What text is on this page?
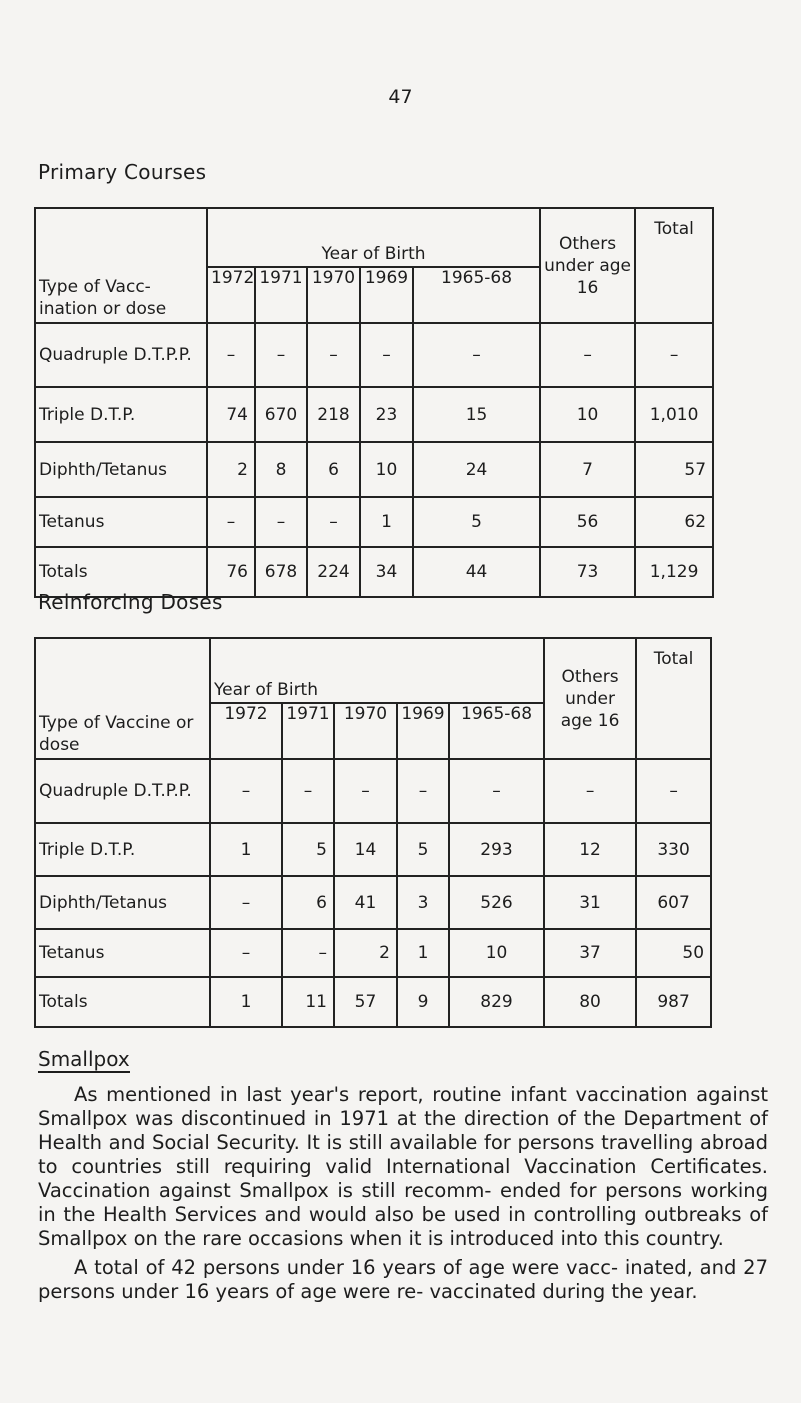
47
Primary Courses
Type of Vacc- ination or dose	Year of Birth					Others under age 16	Total
	1972	1971	1970	1969	1965-68		
Quadruple D.T.P.P.	–	–	–	–	–	–	–
Triple D.T.P.	74	670	218	23	15	10	1,010
Diphth/Tetanus	2	8	6	10	24	7	57
Tetanus	–	–	–	1	5	56	62
Totals	76	678	224	34	44	73	1,129
Reinforcing Doses
Type of Vaccine or dose	Year of Birth					Others under age 16	Total
	1972	1971	1970	1969	1965-68		
Quadruple D.T.P.P.	–	–	–	–	–	–	–
Triple D.T.P.	1	5	14	5	293	12	330
Diphth/Tetanus	–	6	41	3	526	31	607
Tetanus	–	–	2	1	10	37	50
Totals	1	11	57	9	829	80	987
Smallpox

As mentioned in last year's report, routine infant vaccination against Smallpox was discontinued in 1971 at the direction of the Department of Health and Social Security. It is still available for persons travelling abroad to countries still requiring valid International Vaccination Certificates. Vaccination against Smallpox is still recomm- ended for persons working in the Health Services and would also be used in controlling outbreaks of Smallpox on the rare occasions when it is introduced into this country.

A total of 42 persons under 16 years of age were vacc- inated, and 27 persons under 16 years of age were re- vaccinated during the year.
